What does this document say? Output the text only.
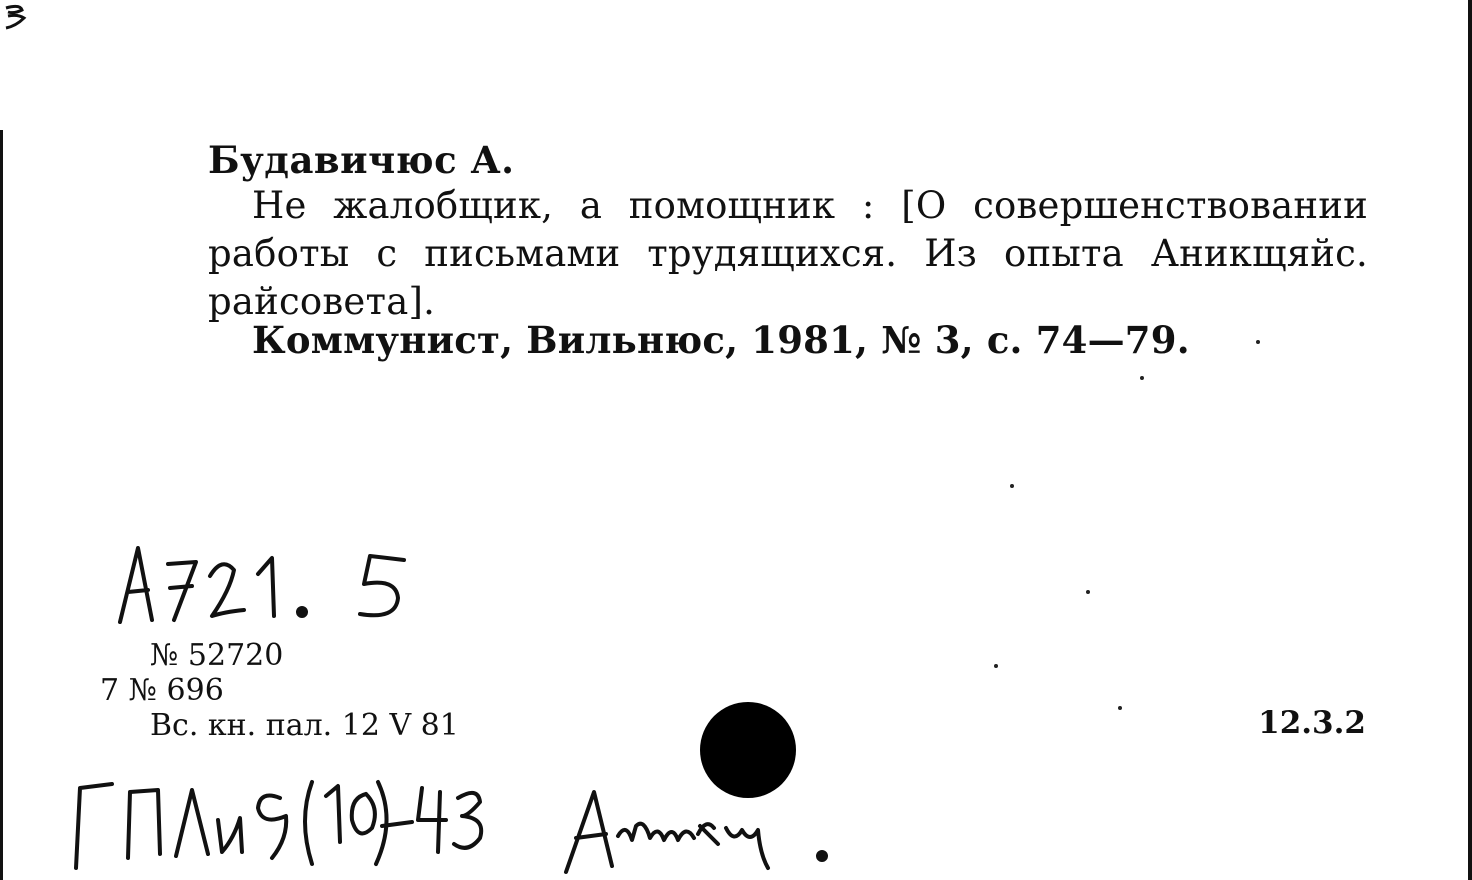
Будавичюс А.
Не жалобщик, а помощник : [О совершенствовании
работы с письмами трудящихся. Из опыта Аникщяйс.
райсовета].
Коммунист, Вильнюс, 1981, № 3, с. 74—79.
№ 52720
7 № 696
Вс. кн. пал. 12 V 81	12.3.2
